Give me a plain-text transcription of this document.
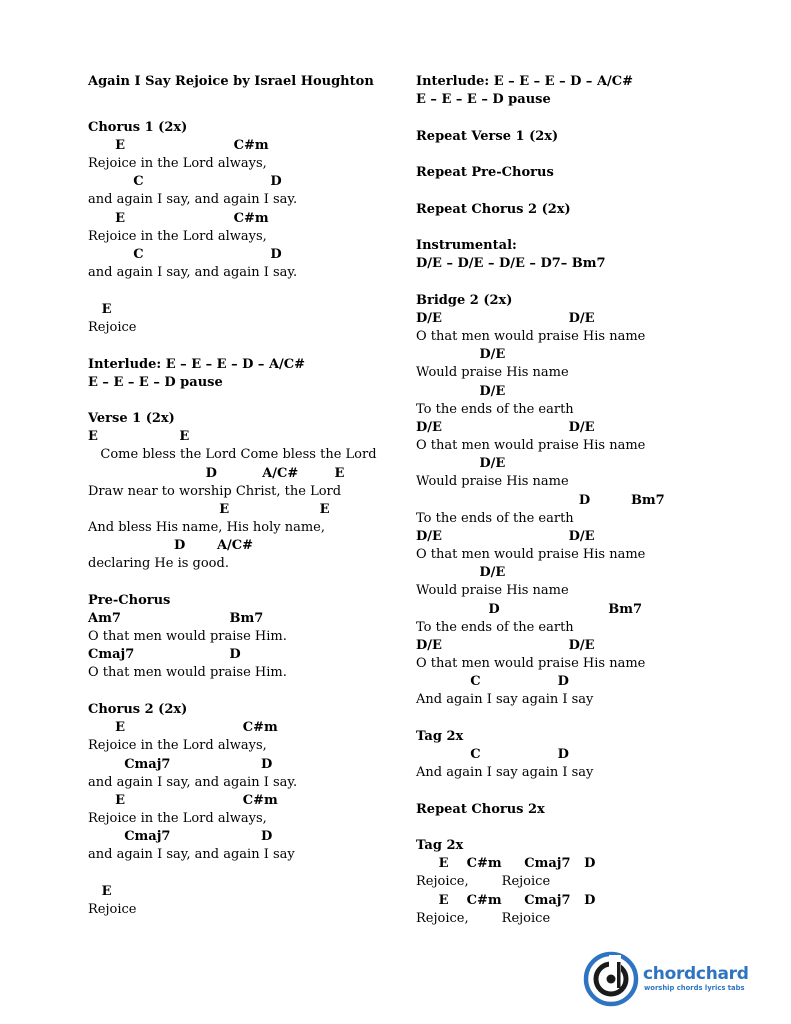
Again I Say Rejoice by Israel Houghton
Chorus 1 (2x)
E                        C#m
Rejoice in the Lord always,
C                            D
and again I say, and again I say.
E                        C#m
Rejoice in the Lord always,
C                            D
and again I say, and again I say.
E
Rejoice
Interlude: E – E – E – D – A/C#
E – E – E – D pause
Verse 1 (2x)
E                  E
Come bless the Lord Come bless the Lord
D          A/C#        E
Draw near to worship Christ, the Lord
E                    E
And bless His name, His holy name,
D       A/C#
declaring He is good.
Pre-Chorus
Am7                        Bm7
O that men would praise Him.
Cmaj7                     D
O that men would praise Him.
Chorus 2 (2x)
E                          C#m
Rejoice in the Lord always,
Cmaj7                    D
and again I say, and again I say.
E                          C#m
Rejoice in the Lord always,
Cmaj7                    D
and again I say, and again I say
E
Rejoice
Interlude: E – E – E – D – A/C#
E – E – E – D pause
Repeat Verse 1 (2x)
Repeat Pre-Chorus
Repeat Chorus 2 (2x)
Instrumental:
D/E – D/E – D/E – D7– Bm7
Bridge 2 (2x)
D/E                            D/E
O that men would praise His name
D/E
Would praise His name
D/E
To the ends of the earth
D/E                            D/E
O that men would praise His name
D/E
Would praise His name
D         Bm7
To the ends of the earth
D/E                            D/E
O that men would praise His name
D/E
Would praise His name
D                        Bm7
To the ends of the earth
D/E                            D/E
O that men would praise His name
C                 D
And again I say again I say
Tag 2x
C                 D
And again I say again I say
Repeat Chorus 2x
Tag 2x
E    C#m     Cmaj7   D
Rejoice,        Rejoice
E    C#m     Cmaj7   D
Rejoice,        Rejoice
chordchard
worship chords lyrics tabs
